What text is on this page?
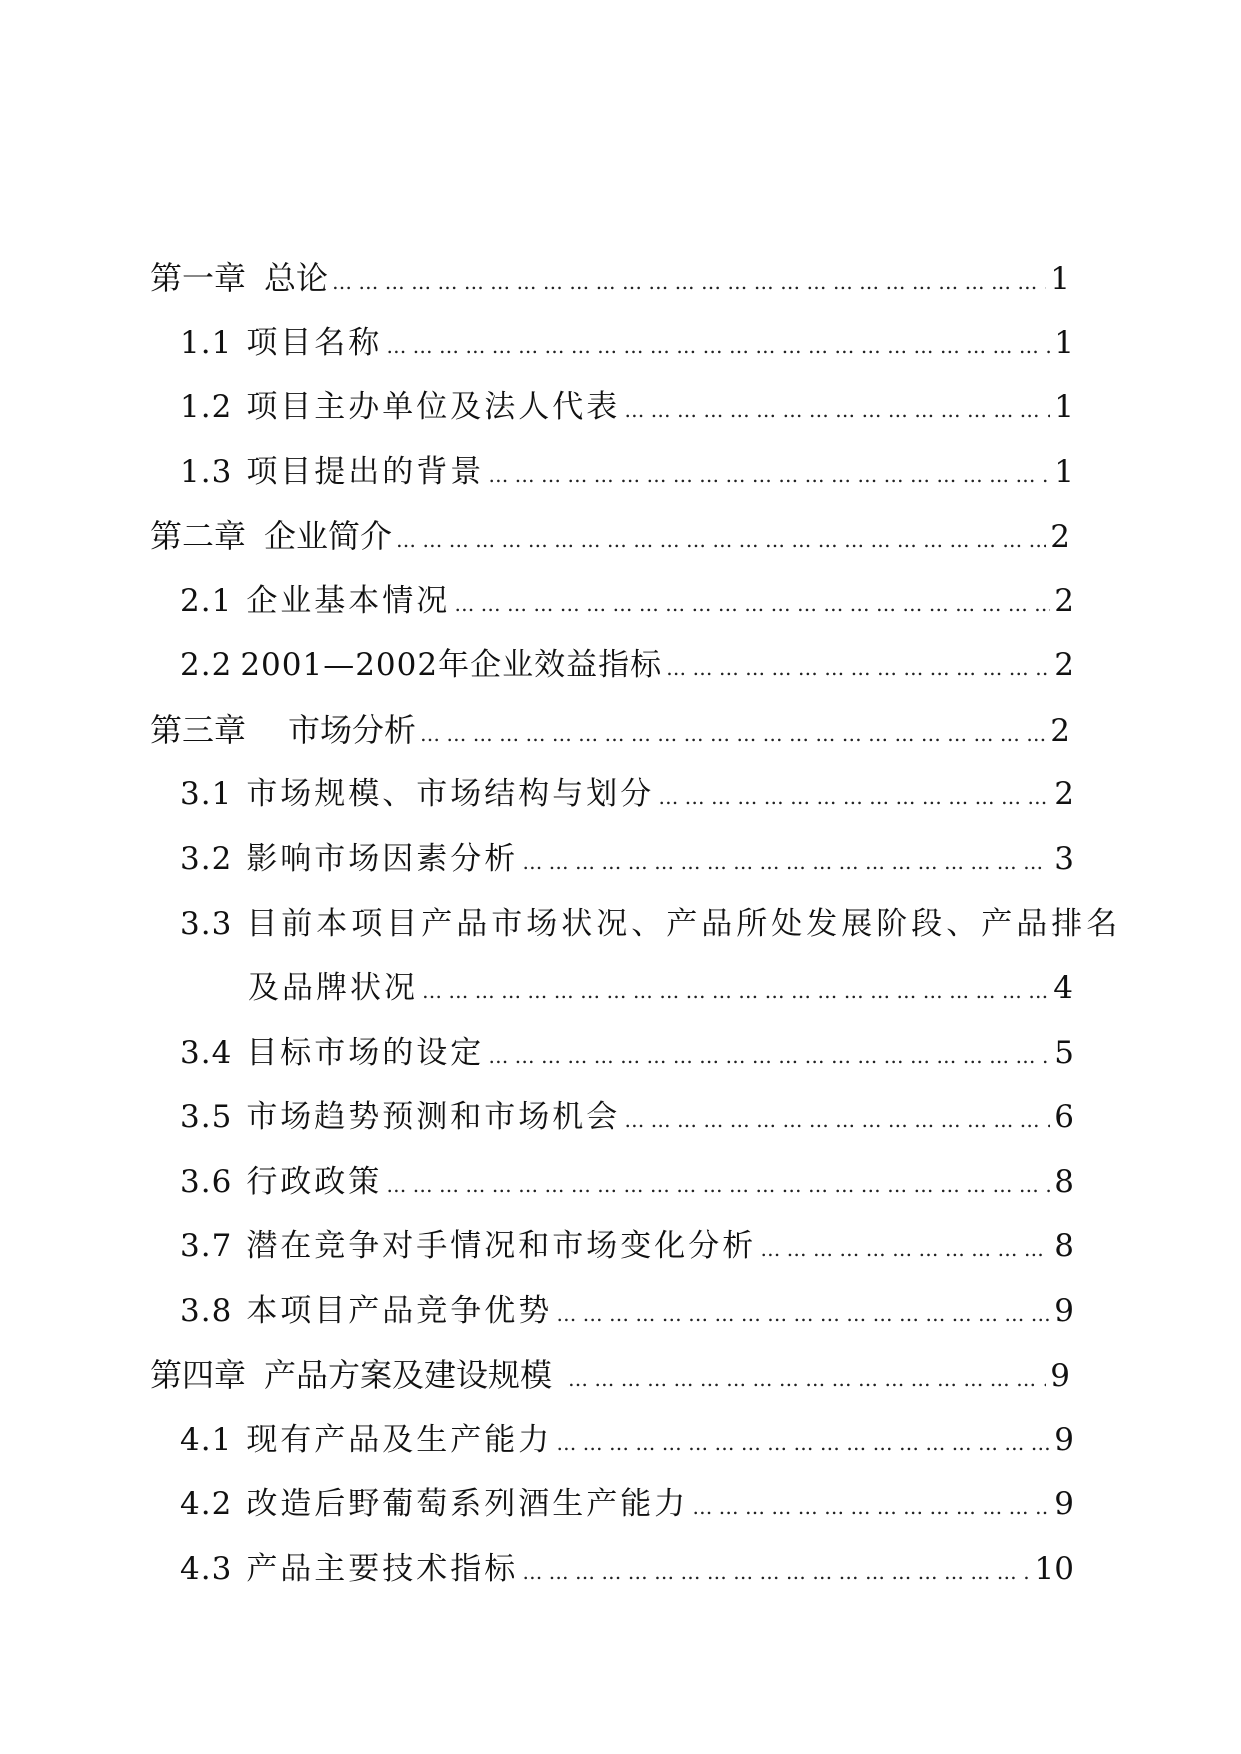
第一章 总论 … … … … … … … … … … … … … … … … … … … … … … … … … … … … … … … … … … … … … … … … … … … … … … … … … … … … … … … … … … … … … … … …	1
1.1 项目名称 … … … … … … … … … … … … … … … … … … … … … … … … … … … … … … … … … … … … … … … … … … … … … … … … … … … … … … … … … … … … … … … …	1
1.2 项目主办单位及法人代表 … … … … … … … … … … … … … … … … … … … … … … … … … … … … … … … … … … … … … … … … … … … … … … … … … … … … … … … … … … … … … … … …	1
1.3 项目提出的背景 … … … … … … … … … … … … … … … … … … … … … … … … … … … … … … … … … … … … … … … … … … … … … … … … … … … … … … … … … … … … … … … …	1
第二章 企业简介 … … … … … … … … … … … … … … … … … … … … … … … … … … … … … … … … … … … … … … … … … … … … … … … … … … … … … … … … … … … … … … … …	2
2.1 企业基本情况 … … … … … … … … … … … … … … … … … … … … … … … … … … … … … … … … … … … … … … … … … … … … … … … … … … … … … … … … … … … … … … … …	2
2.2 2001—2002年企业效益指标 … … … … … … … … … … … … … … … … … … … … … … … … … … … … … … … … … … … … … … … … … … … … … … … … … … … … … … … … … … … … … … … …	2
第三章 市场分析 … … … … … … … … … … … … … … … … … … … … … … … … … … … … … … … … … … … … … … … … … … … … … … … … … … … … … … … … … … … … … … … …	2
3.1 市场规模、市场结构与划分 … … … … … … … … … … … … … … … … … … … … … … … … … … … … … … … … … … … … … … … … … … … … … … … … … … … … … … … … … … … … … … … …	2
3.2 影响市场因素分析 … … … … … … … … … … … … … … … … … … … … … … … … … … … … … … … … … … … … … … … … … … … … … … … … … … … … … … … … … … … … … … … …	3
3.3 目前本项目产品市场状况、产品所处发展阶段、产品排名
及品牌状况 … … … … … … … … … … … … … … … … … … … … … … … … … … … … … … … … … … … … … … … … … … … … … … … … … … … … … … … … … … … … … … … …	4
3.4 目标市场的设定 … … … … … … … … … … … … … … … … … … … … … … … … … … … … … … … … … … … … … … … … … … … … … … … … … … … … … … … … … … … … … … … …	5
3.5 市场趋势预测和市场机会 … … … … … … … … … … … … … … … … … … … … … … … … … … … … … … … … … … … … … … … … … … … … … … … … … … … … … … … … … … … … … … … …	6
3.6 行政政策 … … … … … … … … … … … … … … … … … … … … … … … … … … … … … … … … … … … … … … … … … … … … … … … … … … … … … … … … … … … … … … … …	8
3.7 潜在竞争对手情况和市场变化分析 … … … … … … … … … … … … … … … … … … … … … … … … … … … … … … … … … … … … … … … … … … … … … … … … … … … … … … … … … … … … … … … …	8
3.8 本项目产品竞争优势 … … … … … … … … … … … … … … … … … … … … … … … … … … … … … … … … … … … … … … … … … … … … … … … … … … … … … … … … … … … … … … … …	9
第四章 产品方案及建设规模 … … … … … … … … … … … … … … … … … … … … … … … … … … … … … … … … … … … … … … … … … … … … … … … … … … … … … … … … … … … … … … … …	9
4.1 现有产品及生产能力 … … … … … … … … … … … … … … … … … … … … … … … … … … … … … … … … … … … … … … … … … … … … … … … … … … … … … … … … … … … … … … … …	9
4.2 改造后野葡萄系列酒生产能力 … … … … … … … … … … … … … … … … … … … … … … … … … … … … … … … … … … … … … … … … … … … … … … … … … … … … … … … … … … … … … … … …	9
4.3 产品主要技术指标 … … … … … … … … … … … … … … … … … … … … … … … … … … … … … … … … … … … … … … … … … … … … … … … … … … … … … … … … … … … … … … … …	10
